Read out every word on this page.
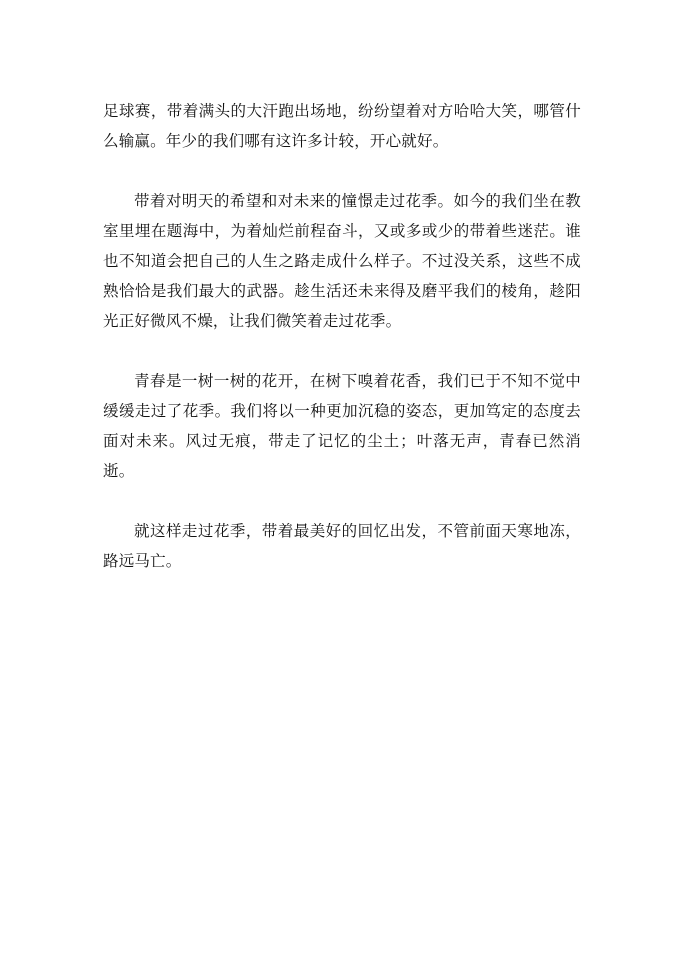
足球赛，带着满头的大汗跑出场地，纷纷望着对方哈哈大笑，哪管什么输赢。年少的我们哪有这许多计较，开心就好。

带着对明天的希望和对未来的憧憬走过花季。如今的我们坐在教室里埋在题海中，为着灿烂前程奋斗，又或多或少的带着些迷茫。谁也不知道会把自己的人生之路走成什么样子。不过没关系，这些不成熟恰恰是我们最大的武器。趁生活还未来得及磨平我们的棱角，趁阳光正好微风不燥，让我们微笑着走过花季。

青春是一树一树的花开，在树下嗅着花香，我们已于不知不觉中缓缓走过了花季。我们将以一种更加沉稳的姿态，更加笃定的态度去面对未来。风过无痕，带走了记忆的尘土；叶落无声，青春已然消逝。

就这样走过花季，带着最美好的回忆出发，不管前面天寒地冻，路远马亡。
